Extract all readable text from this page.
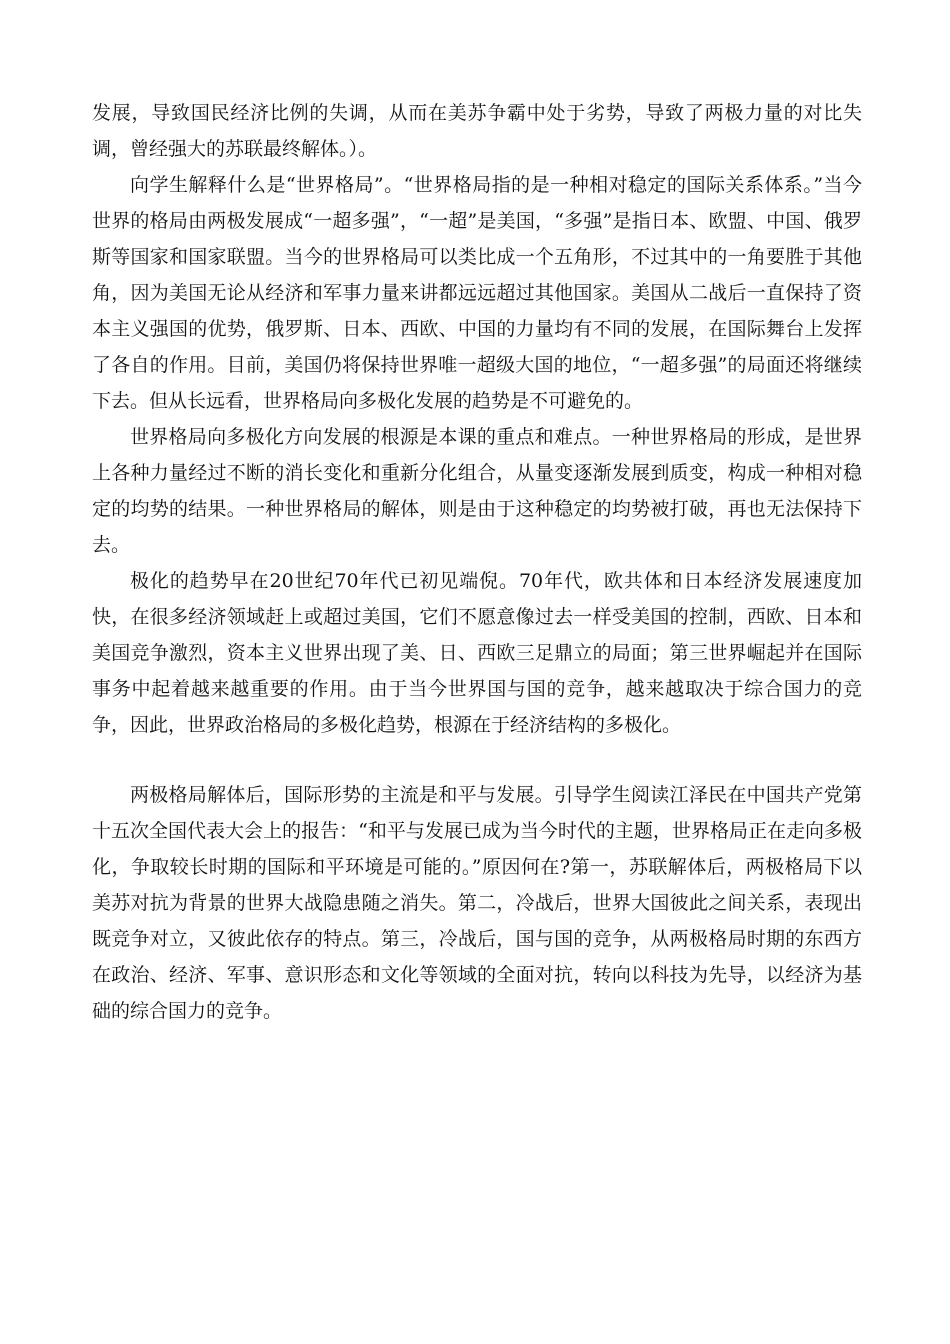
发展，导致国民经济比例的失调，从而在美苏争霸中处于劣势，导致了两极力量的对比失调，曾经强大的苏联最终解体。）。

向学生解释什么是“世界格局”。“世界格局指的是一种相对稳定的国际关系体系。”当今世界的格局由两极发展成“一超多强”，“一超”是美国，“多强”是指日本、欧盟、中国、俄罗斯等国家和国家联盟。当今的世界格局可以类比成一个五角形，不过其中的一角要胜于其他角，因为美国无论从经济和军事力量来讲都远远超过其他国家。美国从二战后一直保持了资本主义强国的优势，俄罗斯、日本、西欧、中国的力量均有不同的发展，在国际舞台上发挥了各自的作用。目前，美国仍将保持世界唯一超级大国的地位，“一超多强”的局面还将继续下去。但从长远看，世界格局向多极化发展的趋势是不可避免的。

世界格局向多极化方向发展的根源是本课的重点和难点。一种世界格局的形成，是世界上各种力量经过不断的消长变化和重新分化组合，从量变逐渐发展到质变，构成一种相对稳定的均势的结果。一种世界格局的解体，则是由于这种稳定的均势被打破，再也无法保持下去。

极化的趋势早在20世纪70年代已初见端倪。70年代，欧共体和日本经济发展速度加快，在很多经济领域赶上或超过美国，它们不愿意像过去一样受美国的控制，西欧、日本和美国竞争激烈，资本主义世界出现了美、日、西欧三足鼎立的局面；第三世界崛起并在国际事务中起着越来越重要的作用。由于当今世界国与国的竞争，越来越取决于综合国力的竞争，因此，世界政治格局的多极化趋势，根源在于经济结构的多极化。

两极格局解体后，国际形势的主流是和平与发展。引导学生阅读江泽民在中国共产党第十五次全国代表大会上的报告：“和平与发展已成为当今时代的主题，世界格局正在走向多极化，争取较长时期的国际和平环境是可能的。”原因何在?第一，苏联解体后，两极格局下以美苏对抗为背景的世界大战隐患随之消失。第二，冷战后，世界大国彼此之间关系，表现出既竞争对立，又彼此依存的特点。第三，冷战后，国与国的竞争，从两极格局时期的东西方在政治、经济、军事、意识形态和文化等领域的全面对抗，转向以科技为先导，以经济为基础的综合国力的竞争。
